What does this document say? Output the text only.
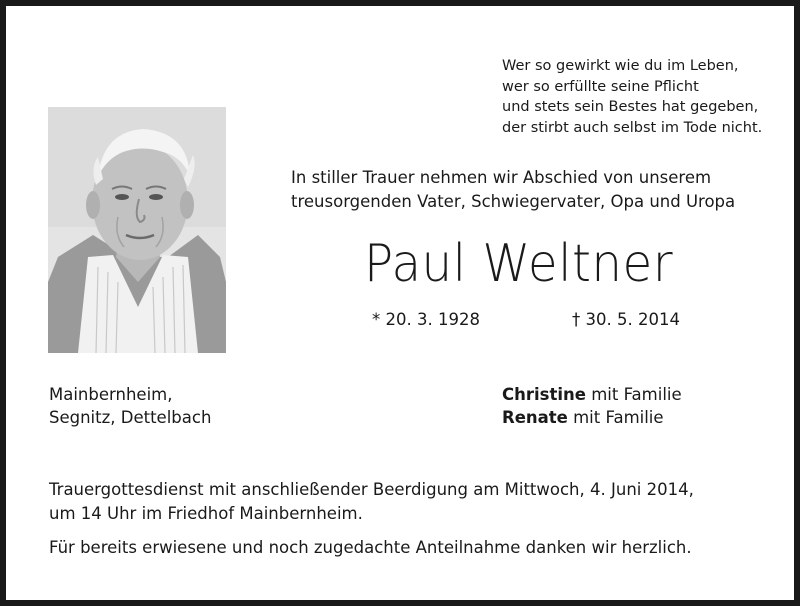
Wer so gewirkt wie du im Leben,
wer so erfüllte seine Pflicht
und stets sein Bestes hat gegeben,
der stirbt auch selbst im Tode nicht.
In stiller Trauer nehmen wir Abschied von unserem
treusorgenden Vater, Schwiegervater, Opa und Uropa
Paul Weltner
* 20. 3. 1928	† 30. 5. 2014
Mainbernheim,
Segnitz, Dettelbach
Christine mit Familie
Renate mit Familie
Trauergottesdienst mit anschließender Beerdigung am Mittwoch, 4. Juni 2014,
um 14 Uhr im Friedhof Mainbernheim.
Für bereits erwiesene und noch zugedachte Anteilnahme danken wir herzlich.
